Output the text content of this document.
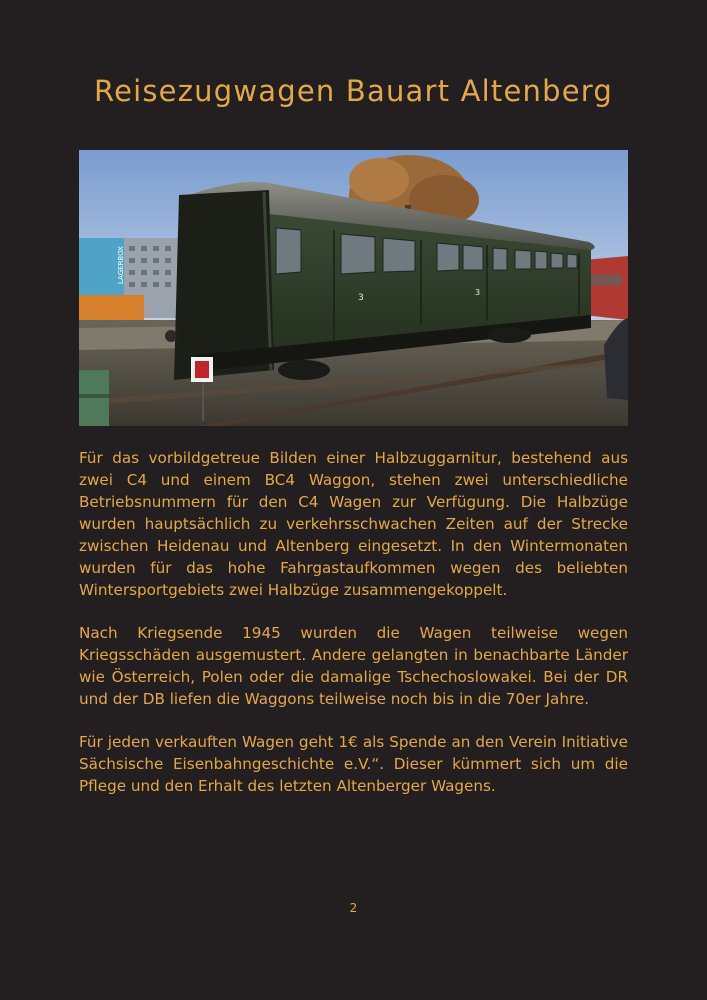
Reisezugwagen Bauart Altenberg
LAGERBOX
3
3

Für das vorbildgetreue Bilden einer Halbzuggarnitur, bestehend aus zwei C4 und einem BC4 Waggon, stehen zwei unterschiedliche Betriebsnummern für den C4 Wagen zur Verfügung. Die Halbzüge wurden hauptsächlich zu verkehrsschwachen Zeiten auf der Strecke zwischen Heidenau und Altenberg eingesetzt. In den Wintermonaten wurden für das hohe Fahrgastaufkommen wegen des beliebten Wintersportgebiets zwei Halbzüge zusammengekoppelt.

Nach Kriegsende 1945 wurden die Wagen teilweise wegen Kriegsschäden ausgemustert. Andere gelangten in benachbarte Länder wie Österreich, Polen oder die damalige Tschechoslowakei. Bei der DR und der DB liefen die Waggons teilweise noch bis in die 70er Jahre.

Für jeden verkauften Wagen geht 1€ als Spende an den Verein Initiative Sächsische Eisenbahngeschichte e.V.“. Dieser kümmert sich um die Pflege und den Erhalt des letzten Altenberger Wagens.

2
